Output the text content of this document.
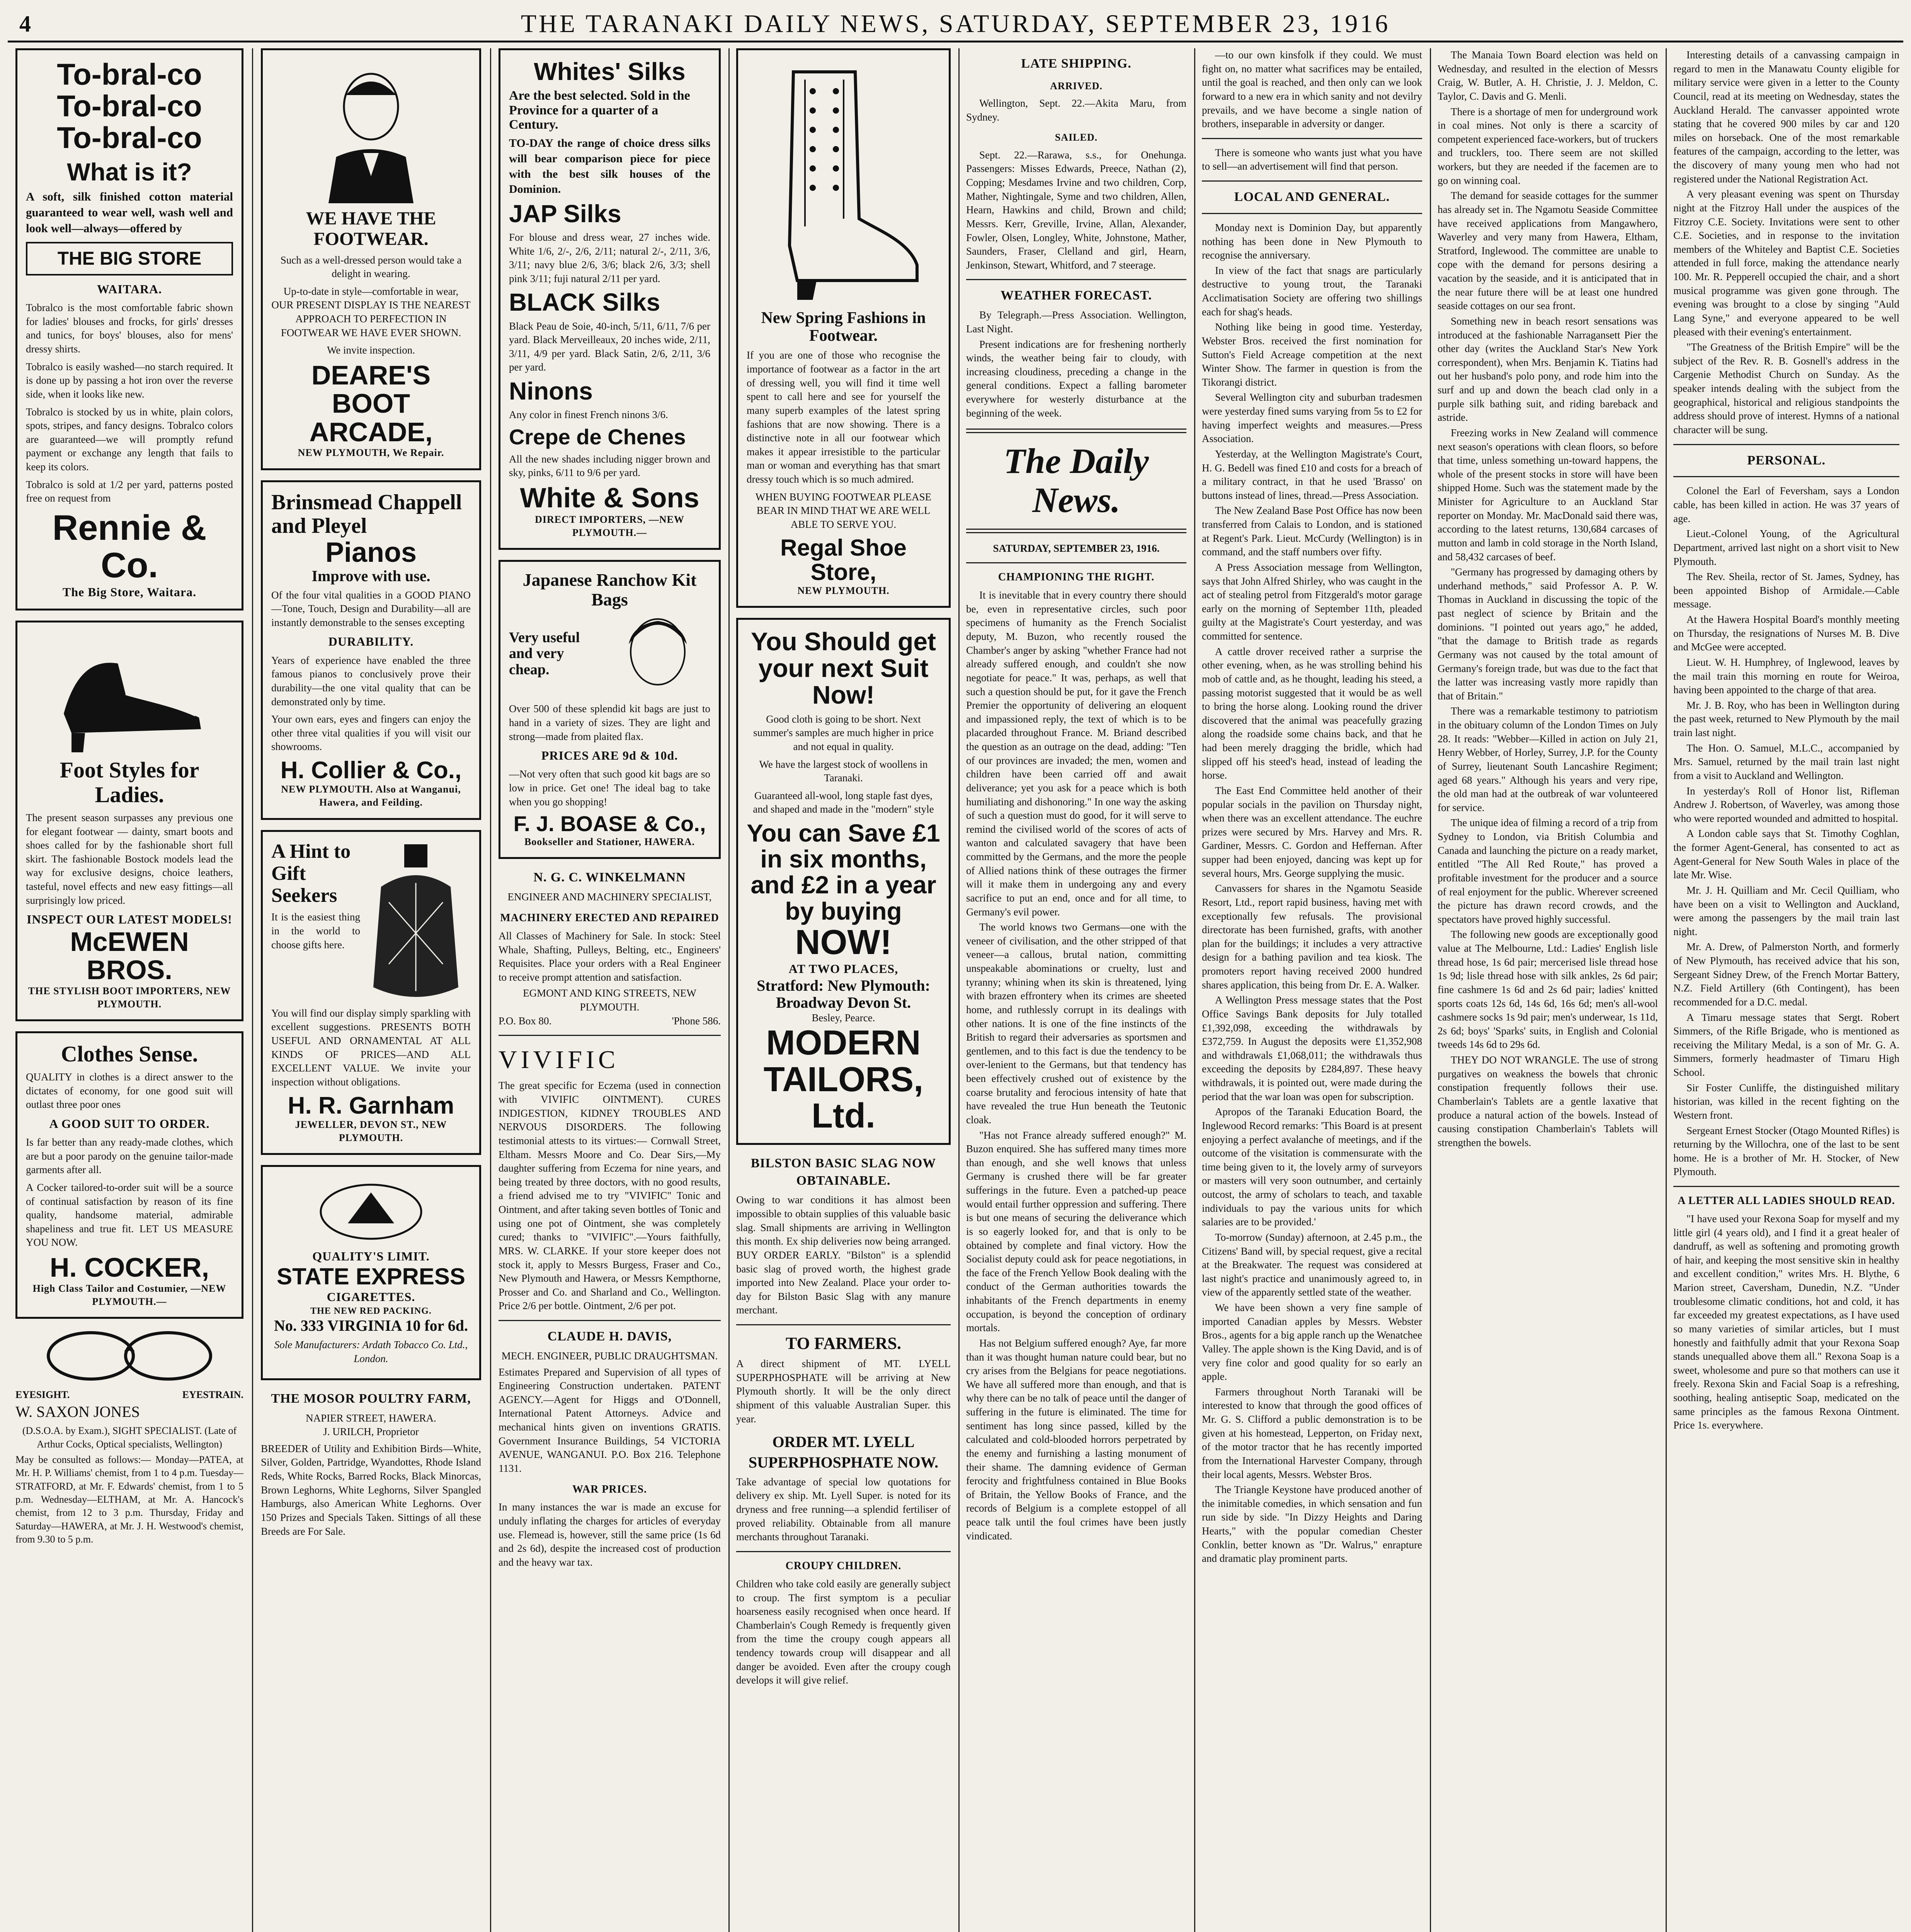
4	THE TARANAKI DAILY NEWS, SATURDAY, SEPTEMBER 23, 1916
To-bral-co
To-bral-co
To-bral-co
What is it?

A soft, silk finished cotton material guaranteed to wear well, wash well and look well—always—offered by

THE BIG STORE
WAITARA.

Tobralco is the most comfortable fabric shown for ladies' blouses and frocks, for girls' dresses and tunics, for boys' blouses, also for mens' dressy shirts.

Tobralco is easily washed—no starch required. It is done up by passing a hot iron over the reverse side, when it looks like new.

Tobralco is stocked by us in white, plain colors, spots, stripes, and fancy designs. Tobralco colors are guaranteed—we will promptly refund payment or exchange any length that fails to keep its colors.

Tobralco is sold at 1/2 per yard, patterns posted free on request from

Rennie & Co.
The Big Store, Waitara.
Foot Styles for Ladies.

The present season surpasses any previous one for elegant footwear — dainty, smart boots and shoes called for by the fashionable short full skirt. The fashionable Bostock models lead the way for exclusive designs, choice leathers, tasteful, novel effects and new easy fittings—all surprisingly low priced.

INSPECT OUR LATEST MODELS!
McEWEN BROS.
THE STYLISH BOOT IMPORTERS, NEW PLYMOUTH.
Clothes Sense.

QUALITY in clothes is a direct answer to the dictates of economy, for one good suit will outlast three poor ones

A GOOD SUIT TO ORDER.

Is far better than any ready-made clothes, which are but a poor parody on the genuine tailor-made garments after all.

A Cocker tailored-to-order suit will be a source of continual satisfaction by reason of its fine quality, handsome material, admirable shapeliness and true fit. LET US MEASURE YOU NOW.

H. COCKER,
High Class Tailor and Costumier, —NEW PLYMOUTH.—
EYESIGHT.	EYESTRAIN.
W. SAXON JONES

(D.S.O.A. by Exam.), SIGHT SPECIALIST. (Late of Arthur Cocks, Optical specialists, Wellington)

May be consulted as follows:— Monday—PATEA, at Mr. H. P. Williams' chemist, from 1 to 4 p.m. Tuesday—STRATFORD, at Mr. F. Edwards' chemist, from 1 to 5 p.m. Wednesday—ELTHAM, at Mr. A. Hancock's chemist, from 12 to 3 p.m. Thursday, Friday and Saturday—HAWERA, at Mr. J. H. Westwood's chemist, from 9.30 to 5 p.m.

WE HAVE THE FOOTWEAR.

Such as a well-dressed person would take a delight in wearing.

Up-to-date in style—comfortable in wear, OUR PRESENT DISPLAY IS THE NEAREST APPROACH TO PERFECTION IN FOOTWEAR WE HAVE EVER SHOWN.

We invite inspection.

DEARE'S BOOT ARCADE,
NEW PLYMOUTH, We Repair.
Brinsmead Chappell and Pleyel
Pianos
Improve with use.

Of the four vital qualities in a GOOD PIANO—Tone, Touch, Design and Durability—all are instantly demonstrable to the senses excepting

DURABILITY.

Years of experience have enabled the three famous pianos to conclusively prove their durability—the one vital quality that can be demonstrated only by time.

Your own ears, eyes and fingers can enjoy the other three vital qualities if you will visit our showrooms.

H. Collier & Co.,
NEW PLYMOUTH. Also at Wanganui, Hawera, and Feilding.
A Hint to Gift Seekers

It is the easiest thing in the world to choose gifts here.

You will find our display simply sparkling with excellent suggestions. PRESENTS BOTH USEFUL AND ORNAMENTAL AT ALL KINDS OF PRICES—AND ALL EXCELLENT VALUE. We invite your inspection without obligations.

H. R. Garnham
JEWELLER, DEVON ST., NEW PLYMOUTH.
QUALITY'S LIMIT.
STATE EXPRESS
CIGARETTES.
THE NEW RED PACKING.
No. 333 VIRGINIA 10 for 6d.

Sole Manufacturers: Ardath Tobacco Co. Ltd., London.

THE MOSOR POULTRY FARM,
NAPIER STREET, HAWERA.
J. URILCH, Proprietor

BREEDER of Utility and Exhibition Birds—White, Silver, Golden, Partridge, Wyandottes, Rhode Island Reds, White Rocks, Barred Rocks, Black Minorcas, Brown Leghorns, White Leghorns, Silver Spangled Hamburgs, also American White Leghorns. Over 150 Prizes and Specials Taken. Sittings of all these Breeds are For Sale.

Whites' Silks

Are the best selected. Sold in the Province for a quarter of a Century.

TO-DAY the range of choice dress silks will bear comparison piece for piece with the best silk houses of the Dominion.

JAP Silks

For blouse and dress wear, 27 inches wide. White 1/6, 2/-, 2/6, 2/11; natural 2/-, 2/11, 3/6, 3/11; navy blue 2/6, 3/6; black 2/6, 3/3; shell pink 3/11; fuji natural 2/11 per yard.

BLACK Silks

Black Peau de Soie, 40-inch, 5/11, 6/11, 7/6 per yard. Black Merveilleaux, 20 inches wide, 2/11, 3/11, 4/9 per yard. Black Satin, 2/6, 2/11, 3/6 per yard.

Ninons

Any color in finest French ninons 3/6.

Crepe de Chenes

All the new shades including nigger brown and sky, pinks, 6/11 to 9/6 per yard.

White & Sons
DIRECT IMPORTERS, —NEW PLYMOUTH.—
Japanese Ranchow Kit Bags
Very useful and very cheap.

Over 500 of these splendid kit bags are just to hand in a variety of sizes. They are light and strong—made from plaited flax.

PRICES ARE 9d & 10d.

—Not very often that such good kit bags are so low in price. Get one! The ideal bag to take when you go shopping!

F. J. BOASE & Co.,
Bookseller and Stationer, HAWERA.
N. G. C. WINKELMANN
ENGINEER AND MACHINERY SPECIALIST,
MACHINERY ERECTED AND REPAIRED

All Classes of Machinery for Sale. In stock: Steel Whale, Shafting, Pulleys, Belting, etc., Engineers' Requisites. Place your orders with a Real Engineer to receive prompt attention and satisfaction.

EGMONT AND KING STREETS, NEW PLYMOUTH.
P.O. Box 80.	'Phone 586.
VIVIFIC

The great specific for Eczema (used in connection with VIVIFIC OINTMENT). CURES INDIGESTION, KIDNEY TROUBLES AND NERVOUS DISORDERS. The following testimonial attests to its virtues:— Cornwall Street, Eltham. Messrs Moore and Co. Dear Sirs,—My daughter suffering from Eczema for nine years, and being treated by three doctors, with no good results, a friend advised me to try "VIVIFIC" Tonic and Ointment, and after taking seven bottles of Tonic and using one pot of Ointment, she was completely cured; thanks to "VIVIFIC".—Yours faithfully, MRS. W. CLARKE. If your store keeper does not stock it, apply to Messrs Burgess, Fraser and Co., New Plymouth and Hawera, or Messrs Kempthorne, Prosser and Co. and Sharland and Co., Wellington. Price 2/6 per bottle. Ointment, 2/6 per pot.

CLAUDE H. DAVIS,
MECH. ENGINEER, PUBLIC DRAUGHTSMAN.

Estimates Prepared and Supervision of all types of Engineering Construction undertaken. PATENT AGENCY.—Agent for Higgs and O'Donnell, International Patent Attorneys. Advice and mechanical hints given on inventions GRATIS. Government Insurance Buildings, 54 VICTORIA AVENUE, WANGANUI. P.O. Box 216. Telephone 1131.

WAR PRICES.

In many instances the war is made an excuse for unduly inflating the charges for articles of everyday use. Flemead is, however, still the same price (1s 6d and 2s 6d), despite the increased cost of production and the heavy war tax.

New Spring Fashions in Footwear.

If you are one of those who recognise the importance of footwear as a factor in the art of dressing well, you will find it time well spent to call here and see for yourself the many superb examples of the latest spring fashions that are now showing. There is a distinctive note in all our footwear which makes it appear irresistible to the particular man or woman and everything has that smart dressy touch which is so much admired.

WHEN BUYING FOOTWEAR PLEASE BEAR IN MIND THAT WE ARE WELL ABLE TO SERVE YOU.

Regal Shoe Store,
NEW PLYMOUTH.
You Should get your next Suit Now!

Good cloth is going to be short. Next summer's samples are much higher in price and not equal in quality.

We have the largest stock of woollens in Taranaki.

Guaranteed all-wool, long staple fast dyes, and shaped and made in the "modern" style

You can Save £1 in six months, and £2 in a year by buying
NOW!
AT TWO PLACES,
Stratford: New Plymouth: Broadway Devon St.
Besley, Pearce.
MODERN TAILORS, Ltd.
BILSTON BASIC SLAG NOW OBTAINABLE.

Owing to war conditions it has almost been impossible to obtain supplies of this valuable basic slag. Small shipments are arriving in Wellington this month. Ex ship deliveries now being arranged. BUY ORDER EARLY. "Bilston" is a splendid basic slag of proved worth, the highest grade imported into New Zealand. Place your order to-day for Bilston Basic Slag with any manure merchant.

TO FARMERS.

A direct shipment of MT. LYELL SUPERPHOSPHATE will be arriving at New Plymouth shortly. It will be the only direct shipment of this valuable Australian Super. this year.

ORDER MT. LYELL SUPERPHOSPHATE NOW.

Take advantage of special low quotations for delivery ex ship. Mt. Lyell Super. is noted for its dryness and free running—a splendid fertiliser of proved reliability. Obtainable from all manure merchants throughout Taranaki.

CROUPY CHILDREN.

Children who take cold easily are generally subject to croup. The first symptom is a peculiar hoarseness easily recognised when once heard. If Chamberlain's Cough Remedy is frequently given from the time the croupy cough appears all tendency towards croup will disappear and all danger be avoided. Even after the croupy cough develops it will give relief.

LATE SHIPPING.
ARRIVED.

Wellington, Sept. 22.—Akita Maru, from Sydney.

SAILED.

Sept. 22.—Rarawa, s.s., for Onehunga. Passengers: Misses Edwards, Preece, Nathan (2), Copping; Mesdames Irvine and two children, Corp, Mather, Nightingale, Syme and two children, Allen, Hearn, Hawkins and child, Brown and child; Messrs. Kerr, Greville, Irvine, Allan, Alexander, Fowler, Olsen, Longley, White, Johnstone, Mather, Saunders, Fraser, Clelland and girl, Hearn, Jenkinson, Stewart, Whitford, and 7 steerage.

WEATHER FORECAST.

By Telegraph.—Press Association. Wellington, Last Night.

Present indications are for freshening northerly winds, the weather being fair to cloudy, with increasing cloudiness, preceding a change in the general conditions. Expect a falling barometer everywhere for westerly disturbance at the beginning of the week.

The Daily News.
SATURDAY, SEPTEMBER 23, 1916.
CHAMPIONING THE RIGHT.

It is inevitable that in every country there should be, even in representative circles, such poor specimens of humanity as the French Socialist deputy, M. Buzon, who recently roused the Chamber's anger by asking "whether France had not already suffered enough, and couldn't she now negotiate for peace." It was, perhaps, as well that such a question should be put, for it gave the French Premier the opportunity of delivering an eloquent and impassioned reply, the text of which is to be placarded throughout France. M. Briand described the question as an outrage on the dead, adding: "Ten of our provinces are invaded; the men, women and children have been carried off and await deliverance; yet you ask for a peace which is both humiliating and dishonoring." In one way the asking of such a question must do good, for it will serve to remind the civilised world of the scores of acts of wanton and calculated savagery that have been committed by the Germans, and the more the people of Allied nations think of these outrages the firmer will it make them in undergoing any and every sacrifice to put an end, once and for all time, to Germany's evil power.

The world knows two Germans—one with the veneer of civilisation, and the other stripped of that veneer—a callous, brutal nation, committing unspeakable abominations or cruelty, lust and tyranny; whining when its skin is threatened, lying with brazen effrontery when its crimes are sheeted home, and ruthlessly corrupt in its dealings with other nations. It is one of the fine instincts of the British to regard their adversaries as sportsmen and gentlemen, and to this fact is due the tendency to be over-lenient to the Germans, but that tendency has been effectively crushed out of existence by the coarse brutality and ferocious intensity of hate that have revealed the true Hun beneath the Teutonic cloak.

"Has not France already suffered enough?" M. Buzon enquired. She has suffered many times more than enough, and she well knows that unless Germany is crushed there will be far greater sufferings in the future. Even a patched-up peace would entail further oppression and suffering. There is but one means of securing the deliverance which is so eagerly looked for, and that is only to be obtained by complete and final victory. How the Socialist deputy could ask for peace negotiations, in the face of the French Yellow Book dealing with the conduct of the German authorities towards the inhabitants of the French departments in enemy occupation, is beyond the conception of ordinary mortals.

Has not Belgium suffered enough? Aye, far more than it was thought human nature could bear, but no cry arises from the Belgians for peace negotiations. We have all suffered more than enough, and that is why there can be no talk of peace until the danger of suffering in the future is eliminated. The time for sentiment has long since passed, killed by the calculated and cold-blooded horrors perpetrated by the enemy and furnishing a lasting monument of their shame. The damning evidence of German ferocity and frightfulness contained in Blue Books of Britain, the Yellow Books of France, and the records of Belgium is a complete estoppel of all peace talk until the foul crimes have been justly vindicated.

—to our own kinsfolk if they could. We must fight on, no matter what sacrifices may be entailed, until the goal is reached, and then only can we look forward to a new era in which sanity and not devilry prevails, and we have become a single nation of brothers, inseparable in adversity or danger.

There is someone who wants just what you have to sell—an advertisement will find that person.

LOCAL AND GENERAL.

Monday next is Dominion Day, but apparently nothing has been done in New Plymouth to recognise the anniversary.

In view of the fact that snags are particularly destructive to young trout, the Taranaki Acclimatisation Society are offering two shillings each for shag's heads.

Nothing like being in good time. Yesterday, Webster Bros. received the first nomination for Sutton's Field Acreage competition at the next Winter Show. The farmer in question is from the Tikorangi district.

Several Wellington city and suburban tradesmen were yesterday fined sums varying from 5s to £2 for having imperfect weights and measures.—Press Association.

Yesterday, at the Wellington Magistrate's Court, H. G. Bedell was fined £10 and costs for a breach of a military contract, in that he used 'Brasso' on buttons instead of lines, thread.—Press Association.

The New Zealand Base Post Office has now been transferred from Calais to London, and is stationed at Regent's Park. Lieut. McCurdy (Wellington) is in command, and the staff numbers over fifty.

A Press Association message from Wellington, says that John Alfred Shirley, who was caught in the act of stealing petrol from Fitzgerald's motor garage early on the morning of September 11th, pleaded guilty at the Magistrate's Court yesterday, and was committed for sentence.

A cattle drover received rather a surprise the other evening, when, as he was strolling behind his mob of cattle and, as he thought, leading his steed, a passing motorist suggested that it would be as well to bring the horse along. Looking round the driver discovered that the animal was peacefully grazing along the roadside some chains back, and that he had been merely dragging the bridle, which had slipped off his steed's head, instead of leading the horse.

The East End Committee held another of their popular socials in the pavilion on Thursday night, when there was an excellent attendance. The euchre prizes were secured by Mrs. Harvey and Mrs. R. Gardiner, Messrs. C. Gordon and Heffernan. After supper had been enjoyed, dancing was kept up for several hours, Mrs. George supplying the music.

Canvassers for shares in the Ngamotu Seaside Resort, Ltd., report rapid business, having met with exceptionally few refusals. The provisional directorate has been furnished, grafts, with another plan for the buildings; it includes a very attractive design for a bathing pavilion and tea kiosk. The promoters report having received 2000 hundred shares application, this being from Dr. E. A. Walker.

A Wellington Press message states that the Post Office Savings Bank deposits for July totalled £1,392,098, exceeding the withdrawals by £372,759. In August the deposits were £1,352,908 and withdrawals £1,068,011; the withdrawals thus exceeding the deposits by £284,897. These heavy withdrawals, it is pointed out, were made during the period that the war loan was open for subscription.

Apropos of the Taranaki Education Board, the Inglewood Record remarks: 'This Board is at present enjoying a perfect avalanche of meetings, and if the outcome of the visitation is commensurate with the time being given to it, the lovely army of surveyors or masters will very soon outnumber, and certainly outcost, the army of scholars to teach, and taxable individuals to pay the various units for which salaries are to be provided.'

To-morrow (Sunday) afternoon, at 2.45 p.m., the Citizens' Band will, by special request, give a recital at the Breakwater. The request was considered at last night's practice and unanimously agreed to, in view of the apparently settled state of the weather.

We have been shown a very fine sample of imported Canadian apples by Messrs. Webster Bros., agents for a big apple ranch up the Wenatchee Valley. The apple shown is the King David, and is of very fine color and good quality for so early an apple.

Farmers throughout North Taranaki will be interested to know that through the good offices of Mr. G. S. Clifford a public demonstration is to be given at his homestead, Lepperton, on Friday next, of the motor tractor that he has recently imported from the International Harvester Company, through their local agents, Messrs. Webster Bros.

The Triangle Keystone have produced another of the inimitable comedies, in which sensation and fun run side by side. "In Dizzy Heights and Daring Hearts," with the popular comedian Chester Conklin, better known as "Dr. Walrus," enrapture and dramatic play prominent parts.

The Manaia Town Board election was held on Wednesday, and resulted in the election of Messrs Craig, W. Butler, A. H. Christie, J. J. Meldon, C. Taylor, C. Davis and G. Menli.

There is a shortage of men for underground work in coal mines. Not only is there a scarcity of competent experienced face-workers, but of truckers and trucklers, too. There seem are not skilled workers, but they are needed if the facemen are to go on winning coal.

The demand for seaside cottages for the summer has already set in. The Ngamotu Seaside Committee have received applications from Mangawhero, Waverley and very many from Hawera, Eltham, Stratford, Inglewood. The committee are unable to cope with the demand for persons desiring a vacation by the seaside, and it is anticipated that in the near future there will be at least one hundred seaside cottages on our sea front.

Something new in beach resort sensations was introduced at the fashionable Narragansett Pier the other day (writes the Auckland Star's New York correspondent), when Mrs. Benjamin K. Tiatins had out her husband's polo pony, and rode him into the surf and up and down the beach clad only in a purple silk bathing suit, and riding bareback and astride.

Freezing works in New Zealand will commence next season's operations with clean floors, so before that time, unless something un-toward happens, the whole of the present stocks in store will have been shipped Home. Such was the statement made by the Minister for Agriculture to an Auckland Star reporter on Monday. Mr. MacDonald said there was, according to the latest returns, 130,684 carcases of mutton and lamb in cold storage in the North Island, and 58,432 carcases of beef.

"Germany has progressed by damaging others by underhand methods," said Professor A. P. W. Thomas in Auckland in discussing the topic of the past neglect of science by Britain and the dominions. "I pointed out years ago," he added, "that the damage to British trade as regards Germany was not caused by the total amount of Germany's foreign trade, but was due to the fact that the latter was increasing vastly more rapidly than that of Britain."

There was a remarkable testimony to patriotism in the obituary column of the London Times on July 28. It reads: "Webber—Killed in action on July 21, Henry Webber, of Horley, Surrey, J.P. for the County of Surrey, lieutenant South Lancashire Regiment; aged 68 years." Although his years and very ripe, the old man had at the outbreak of war volunteered for service.

The unique idea of filming a record of a trip from Sydney to London, via British Columbia and Canada and launching the picture on a ready market, entitled "The All Red Route," has proved a profitable investment for the producer and a source of real enjoyment for the public. Wherever screened the picture has drawn record crowds, and the spectators have proved highly successful.

The following new goods are exceptionally good value at The Melbourne, Ltd.: Ladies' English lisle thread hose, 1s 6d pair; mercerised lisle thread hose 1s 9d; lisle thread hose with silk ankles, 2s 6d pair; fine cashmere 1s 6d and 2s 6d pair; ladies' knitted sports coats 12s 6d, 14s 6d, 16s 6d; men's all-wool cashmere socks 1s 9d pair; men's underwear, 1s 11d, 2s 6d; boys' 'Sparks' suits, in English and Colonial tweeds 14s 6d to 29s 6d.

THEY DO NOT WRANGLE. The use of strong purgatives on weakness the bowels that chronic constipation frequently follows their use. Chamberlain's Tablets are a gentle laxative that produce a natural action of the bowels. Instead of causing constipation Chamberlain's Tablets will strengthen the bowels.

Interesting details of a canvassing campaign in regard to men in the Manawatu County eligible for military service were given in a letter to the County Council, read at its meeting on Wednesday, states the Auckland Herald. The canvasser appointed wrote stating that he covered 900 miles by car and 120 miles on horseback. One of the most remarkable features of the campaign, according to the letter, was the discovery of many young men who had not registered under the National Registration Act.

A very pleasant evening was spent on Thursday night at the Fitzroy Hall under the auspices of the Fitzroy C.E. Society. Invitations were sent to other C.E. Societies, and in response to the invitation members of the Whiteley and Baptist C.E. Societies attended in full force, making the attendance nearly 100. Mr. R. Pepperell occupied the chair, and a short musical programme was given gone through. The evening was brought to a close by singing "Auld Lang Syne," and everyone appeared to be well pleased with their evening's entertainment.

"The Greatness of the British Empire" will be the subject of the Rev. R. B. Gosnell's address in the Cargenie Methodist Church on Sunday. As the speaker intends dealing with the subject from the geographical, historical and religious standpoints the address should prove of interest. Hymns of a national character will be sung.

PERSONAL.

Colonel the Earl of Feversham, says a London cable, has been killed in action. He was 37 years of age.

Lieut.-Colonel Young, of the Agricultural Department, arrived last night on a short visit to New Plymouth.

The Rev. Sheila, rector of St. James, Sydney, has been appointed Bishop of Armidale.—Cable message.

At the Hawera Hospital Board's monthly meeting on Thursday, the resignations of Nurses M. B. Dive and McGee were accepted.

Lieut. W. H. Humphrey, of Inglewood, leaves by the mail train this morning en route for Weiroa, having been appointed to the charge of that area.

Mr. J. B. Roy, who has been in Wellington during the past week, returned to New Plymouth by the mail train last night.

The Hon. O. Samuel, M.L.C., accompanied by Mrs. Samuel, returned by the mail train last night from a visit to Auckland and Wellington.

In yesterday's Roll of Honor list, Rifleman Andrew J. Robertson, of Waverley, was among those who were reported wounded and admitted to hospital.

A London cable says that St. Timothy Coghlan, the former Agent-General, has consented to act as Agent-General for New South Wales in place of the late Mr. Wise.

Mr. J. H. Quilliam and Mr. Cecil Quilliam, who have been on a visit to Wellington and Auckland, were among the passengers by the mail train last night.

Mr. A. Drew, of Palmerston North, and formerly of New Plymouth, has received advice that his son, Sergeant Sidney Drew, of the French Mortar Battery, N.Z. Field Artillery (6th Contingent), has been recommended for a D.C. medal.

A Timaru message states that Sergt. Robert Simmers, of the Rifle Brigade, who is mentioned as receiving the Military Medal, is a son of Mr. G. A. Simmers, formerly headmaster of Timaru High School.

Sir Foster Cunliffe, the distinguished military historian, was killed in the recent fighting on the Western front.

Sergeant Ernest Stocker (Otago Mounted Rifles) is returning by the Willochra, one of the last to be sent home. He is a brother of Mr. H. Stocker, of New Plymouth.

A LETTER ALL LADIES SHOULD READ.

"I have used your Rexona Soap for myself and my little girl (4 years old), and I find it a great healer of dandruff, as well as softening and promoting growth of hair, and keeping the most sensitive skin in healthy and excellent condition," writes Mrs. H. Blythe, 6 Marion street, Caversham, Dunedin, N.Z. "Under troublesome climatic conditions, hot and cold, it has far exceeded my greatest expectations, as I have used so many varieties of similar articles, but I must honestly and faithfully admit that your Rexona Soap stands unequalled above them all." Rexona Soap is a sweet, wholesome and pure so that mothers can use it freely. Rexona Skin and Facial Soap is a refreshing, soothing, healing antiseptic Soap, medicated on the same principles as the famous Rexona Ointment. Price 1s. everywhere.
